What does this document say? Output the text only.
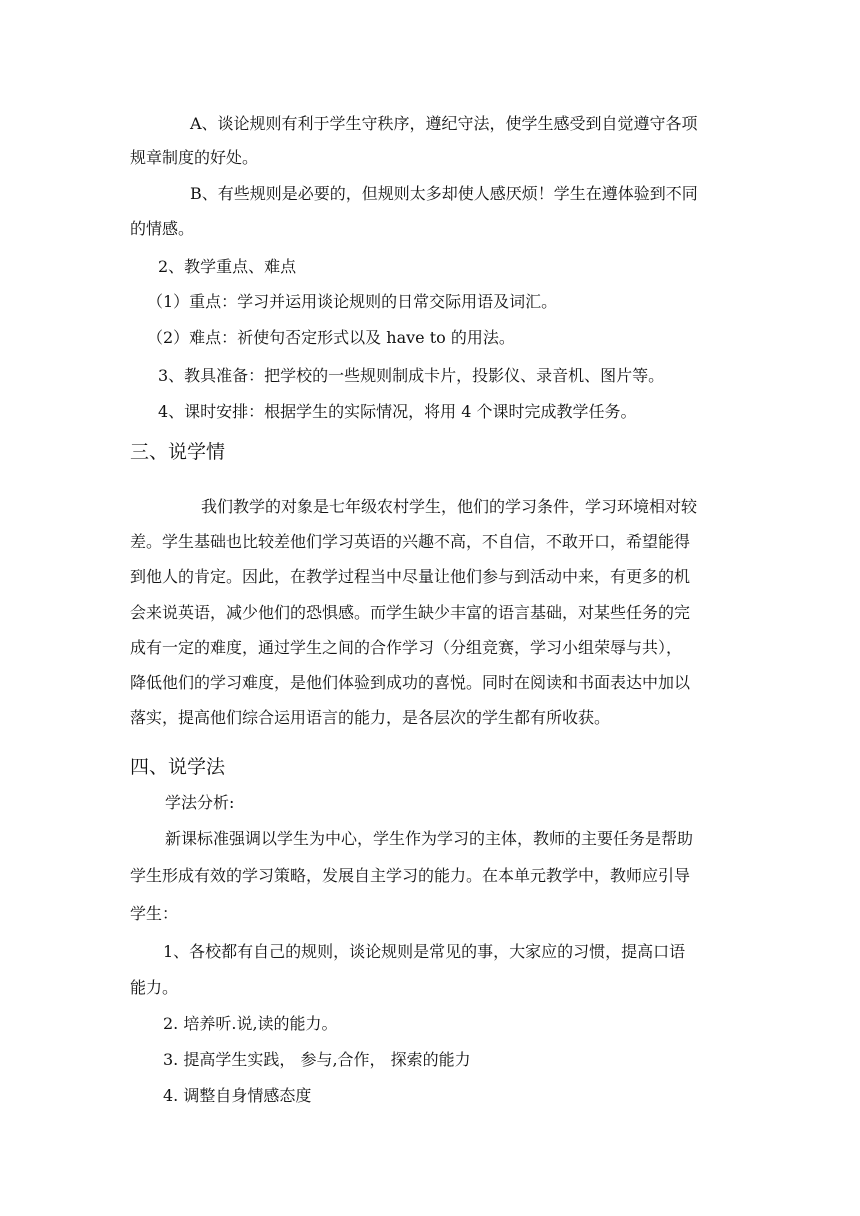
A、谈论规则有利于学生守秩序，遵纪守法，使学生感受到自觉遵守各项
规章制度的好处。
B、有些规则是必要的，但规则太多却使人感厌烦！学生在遵体验到不同
的情感。
2、教学重点、难点
（1）重点：学习并运用谈论规则的日常交际用语及词汇。
（2）难点：祈使句否定形式以及 have to 的用法。
3、教具准备：把学校的一些规则制成卡片，投影仪、录音机、图片等。
4、课时安排：根据学生的实际情况，将用 4 个课时完成教学任务。
三、说学情
我们教学的对象是七年级农村学生，他们的学习条件，学习环境相对较
差。学生基础也比较差他们学习英语的兴趣不高，不自信，不敢开口，希望能得
到他人的肯定。因此，在教学过程当中尽量让他们参与到活动中来，有更多的机
会来说英语，减少他们的恐惧感。而学生缺少丰富的语言基础，对某些任务的完
成有一定的难度，通过学生之间的合作学习（分组竞赛，学习小组荣辱与共），
降低他们的学习难度，是他们体验到成功的喜悦。同时在阅读和书面表达中加以
落实，提高他们综合运用语言的能力，是各层次的学生都有所收获。
四、说学法
学法分析:
新课标准强调以学生为中心，学生作为学习的主体，教师的主要任务是帮助
学生形成有效的学习策略，发展自主学习的能力。在本单元教学中，教师应引导
学生：
1、各校都有自己的规则，谈论规则是常见的事，大家应的习惯，提高口语
能力。
2. 培养听.说,读的能力。
3. 提高学生实践， 参与,合作， 探索的能力
4. 调整自身情感态度
